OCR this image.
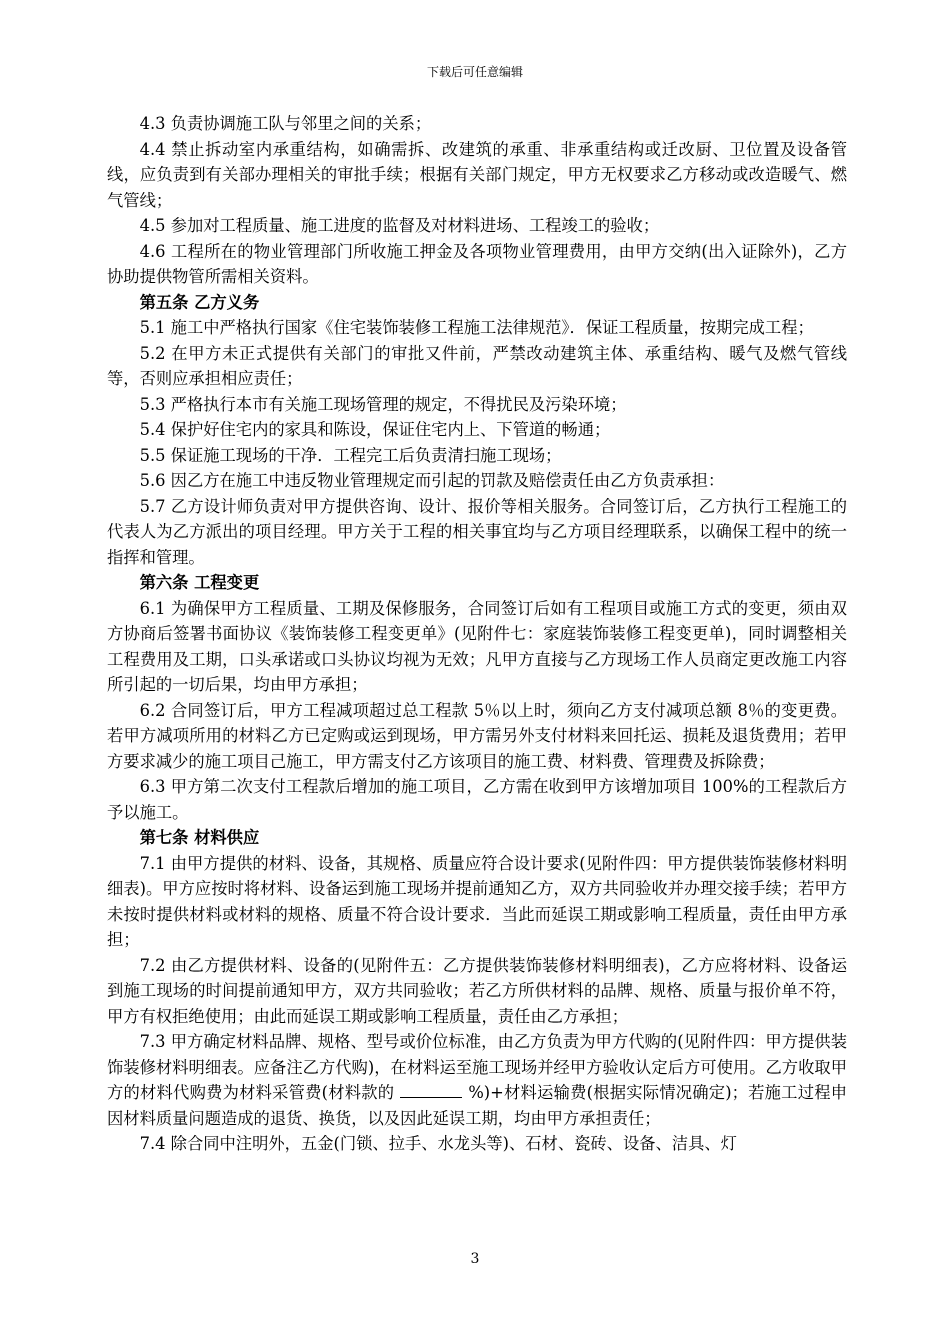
下载后可任意编辑

4.3 负责协调施工队与邻里之间的关系；

4.4 禁止拆动室内承重结构，如确需拆、改建筑的承重、非承重结构或迁改厨、卫位置及设备管线，应负责到有关部办理相关的审批手续；根据有关部门规定，甲方无权要求乙方移动或改造暖气、燃气管线；

4.5 参加对工程质量、施工进度的监督及对材料进场、工程竣工的验收；

4.6 工程所在的物业管理部门所收施工押金及各项物业管理费用，由甲方交纳(出入证除外)，乙方协助提供物管所需相关资料。

第五条 乙方义务

5.1 施工中严格执行国家《住宅装饰装修工程施工法律规范》．保证工程质量，按期完成工程；

5.2 在甲方未正式提供有关部门的审批又件前，严禁改动建筑主体、承重结构、暖气及燃气管线等，否则应承担相应责任；

5.3 严格执行本市有关施工现场管理的规定，不得扰民及污染环境；

5.4 保护好住宅内的家具和陈设，保证住宅内上、下管道的畅通；

5.5 保证施工现场的干净．工程完工后负责清扫施工现场；

5.6 因乙方在施工中违反物业管理规定而引起的罚款及赔偿责任由乙方负责承担：

5.7 乙方设计师负责对甲方提供咨询、设计、报价等相关服务。合同签订后，乙方执行工程施工的代表人为乙方派出的项目经理。甲方关于工程的相关事宜均与乙方项目经理联系，以确保工程中的统一指挥和管理。

第六条 工程变更

6.1 为确保甲方工程质量、工期及保修服务，合同签订后如有工程项目或施工方式的变更，须由双方协商后签署书面协议《装饰装修工程变更单》(见附件七：家庭装饰装修工程变更单)，同时调整相关工程费用及工期，口头承诺或口头协议均视为无效；凡甲方直接与乙方现场工作人员商定更改施工内容所引起的一切后果，均由甲方承担；

6.2 合同签订后，甲方工程减项超过总工程款 5％以上时，须向乙方支付减项总额 8％的变更费。若甲方减项所用的材料乙方已定购或运到现场，甲方需另外支付材料来回托运、损耗及退货费用；若甲方要求减少的施工项目己施工，甲方需支付乙方该项目的施工费、材料费、管理费及拆除费；

6.3 甲方第二次支付工程款后增加的施工项目，乙方需在收到甲方该增加项目 100%的工程款后方予以施工。

第七条 材料供应

7.1 由甲方提供的材料、设备，其规格、质量应符合设计要求(见附件四：甲方提供装饰装修材料明细表)。甲方应按时将材料、设备运到施工现场并提前通知乙方，双方共同验收并办理交接手续；若甲方未按时提供材料或材料的规格、质量不符合设计要求．当此而延误工期或影响工程质量，责任由甲方承担；

7.2 由乙方提供材料、设备的(见附件五：乙方提供装饰装修材料明细表)，乙方应将材料、设备运到施工现场的时间提前通知甲方，双方共同验收；若乙方所供材料的品牌、规格、质量与报价单不符，甲方有权拒绝使用；由此而延误工期或影响工程质量，责任由乙方承担；

7.3 甲方确定材料品牌、规格、型号或价位标准，由乙方负责为甲方代购的(见附件四：甲方提供装饰装修材料明细表。应备注乙方代购)，在材料运至施工现场并经甲方验收认定后方可使用。乙方收取甲方的材料代购费为材料采管费(材料款的	%)+材料运输费(根据实际情况确定)；若施工过程申因材料质量问题造成的退货、换货，以及因此延误工期，均由甲方承担责任；

7.4 除合同中注明外，五金(门锁、拉手、水龙头等)、石材、瓷砖、设备、洁具、灯

3
